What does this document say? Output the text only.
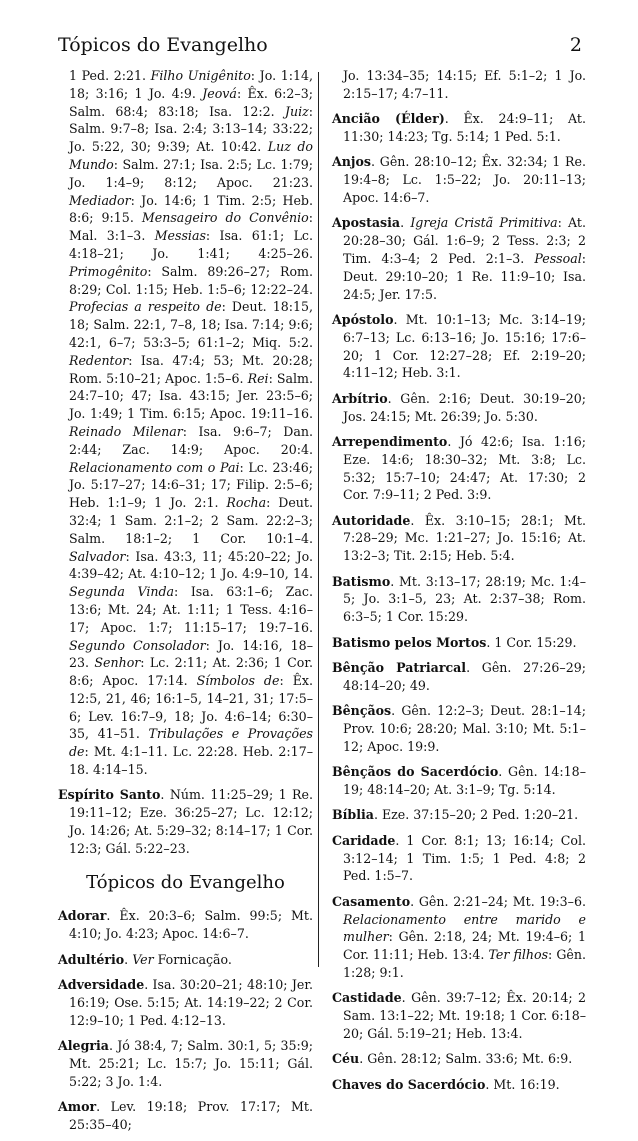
Tópicos do Evangelho	2

1 Ped. 2:21. Filho Unigênito: Jo. 1:14, 18; 3:16; 1 Jo. 4:9. Jeová: Êx. 6:2–3; Salm. 68:4; 83:18; Isa. 12:2. Juiz: Salm. 9:7–8; Isa. 2:4; 3:13–14; 33:22; Jo. 5:22, 30; 9:39; At. 10:42. Luz do Mundo: Salm. 27:1; Isa. 2:5; Lc. 1:79; Jo. 1:4–9; 8:12; Apoc. 21:23. Mediador: Jo. 14:6; 1 Tim. 2:5; Heb. 8:6; 9:15. Mensageiro do Convênio: Mal. 3:1–3. Messias: Isa. 61:1; Lc. 4:18–21; Jo. 1:41; 4:25–26. Primogênito: Salm. 89:26–27; Rom. 8:29; Col. 1:15; Heb. 1:5–6; 12:22–24. Profecias a respeito de: Deut. 18:15, 18; Salm. 22:1, 7–8, 18; Isa. 7:14; 9:6; 42:1, 6–7; 53:3–5; 61:1–2; Miq. 5:2. Redentor: Isa. 47:4; 53; Mt. 20:28; Rom. 5:10–21; Apoc. 1:5–6. Rei: Salm. 24:7–10; 47; Isa. 43:15; Jer. 23:5–6; Jo. 1:49; 1 Tim. 6:15; Apoc. 19:11–16. Reinado Milenar: Isa. 9:6–7; Dan. 2:44; Zac. 14:9; Apoc. 20:4. Relacionamento com o Pai: Lc. 23:46; Jo. 5:17–27; 14:6–31; 17; Filip. 2:5–6; Heb. 1:1–9; 1 Jo. 2:1. Rocha: Deut. 32:4; 1 Sam. 2:1–2; 2 Sam. 22:2–3; Salm. 18:1–2; 1 Cor. 10:1–4. Salvador: Isa. 43:3, 11; 45:20–22; Jo. 4:39–42; At. 4:10–12; 1 Jo. 4:9–10, 14. Segunda Vinda: Isa. 63:1–6; Zac. 13:6; Mt. 24; At. 1:11; 1 Tess. 4:16–17; Apoc. 1:7; 11:15–17; 19:7–16. Segundo Consolador: Jo. 14:16, 18–23. Senhor: Lc. 2:11; At. 2:36; 1 Cor. 8:6; Apoc. 17:14. Símbolos de: Êx. 12:5, 21, 46; 16:1–5, 14–21, 31; 17:5–6; Lev. 16:7–9, 18; Jo. 4:6–14; 6:30–35, 41–51. Tribulações e Provações de: Mt. 4:1–11. Lc. 22:28. Heb. 2:17–18. 4:14–15.

Espírito Santo. Núm. 11:25–29; 1 Re. 19:11–12; Eze. 36:25–27; Lc. 12:12; Jo. 14:26; At. 5:29–32; 8:14–17; 1 Cor. 12:3; Gál. 5:22–23.

Tópicos do Evangelho

Adorar. Êx. 20:3–6; Salm. 99:5; Mt. 4:10; Jo. 4:23; Apoc. 14:6–7.

Adultério. Ver Fornicação.

Adversidade. Isa. 30:20–21; 48:10; Jer. 16:19; Ose. 5:15; At. 14:19–22; 2 Cor. 12:9–10; 1 Ped. 4:12–13.

Alegria. Jó 38:4, 7; Salm. 30:1, 5; 35:9; Mt. 25:21; Lc. 15:7; Jo. 15:11; Gál. 5:22; 3 Jo. 1:4.

Amor. Lev. 19:18; Prov. 17:17; Mt. 25:35–40;

Jo. 13:34–35; 14:15; Ef. 5:1–2; 1 Jo. 2:15–17; 4:7–11.

Ancião (Élder). Êx. 24:9–11; At. 11:30; 14:23; Tg. 5:14; 1 Ped. 5:1.

Anjos. Gên. 28:10–12; Êx. 32:34; 1 Re. 19:4–8; Lc. 1:5–22; Jo. 20:11–13; Apoc. 14:6–7.

Apostasia. Igreja Cristã Primitiva: At. 20:28–30; Gál. 1:6–9; 2 Tess. 2:3; 2 Tim. 4:3–4; 2 Ped. 2:1–3. Pessoal: Deut. 29:10–20; 1 Re. 11:9–10; Isa. 24:5; Jer. 17:5.

Apóstolo. Mt. 10:1–13; Mc. 3:14–19; 6:7–13; Lc. 6:13–16; Jo. 15:16; 17:6–20; 1 Cor. 12:27–28; Ef. 2:19–20; 4:11–12; Heb. 3:1.

Arbítrio. Gên. 2:16; Deut. 30:19–20; Jos. 24:15; Mt. 26:39; Jo. 5:30.

Arrependimento. Jó 42:6; Isa. 1:16; Eze. 14:6; 18:30–32; Mt. 3:8; Lc. 5:32; 15:7–10; 24:47; At. 17:30; 2 Cor. 7:9–11; 2 Ped. 3:9.

Autoridade. Êx. 3:10–15; 28:1; Mt. 7:28–29; Mc. 1:21–27; Jo. 15:16; At. 13:2–3; Tit. 2:15; Heb. 5:4.

Batismo. Mt. 3:13–17; 28:19; Mc. 1:4–5; Jo. 3:1–5, 23; At. 2:37–38; Rom. 6:3–5; 1 Cor. 15:29.

Batismo pelos Mortos. 1 Cor. 15:29.

Bênção Patriarcal. Gên. 27:26–29; 48:14–20; 49.

Bênçãos. Gên. 12:2–3; Deut. 28:1–14; Prov. 10:6; 28:20; Mal. 3:10; Mt. 5:1–12; Apoc. 19:9.

Bênçãos do Sacerdócio. Gên. 14:18–19; 48:14–20; At. 3:1–9; Tg. 5:14.

Bíblia. Eze. 37:15–20; 2 Ped. 1:20–21.

Caridade. 1 Cor. 8:1; 13; 16:14; Col. 3:12–14; 1 Tim. 1:5; 1 Ped. 4:8; 2 Ped. 1:5–7.

Casamento. Gên. 2:21–24; Mt. 19:3–6. Relacionamento entre marido e mulher: Gên. 2:18, 24; Mt. 19:4–6; 1 Cor. 11:11; Heb. 13:4. Ter filhos: Gên. 1:28; 9:1.

Castidade. Gên. 39:7–12; Êx. 20:14; 2 Sam. 13:1–22; Mt. 19:18; 1 Cor. 6:18–20; Gál. 5:19–21; Heb. 13:4.

Céu. Gên. 28:12; Salm. 33:6; Mt. 6:9.

Chaves do Sacerdócio. Mt. 16:19.
